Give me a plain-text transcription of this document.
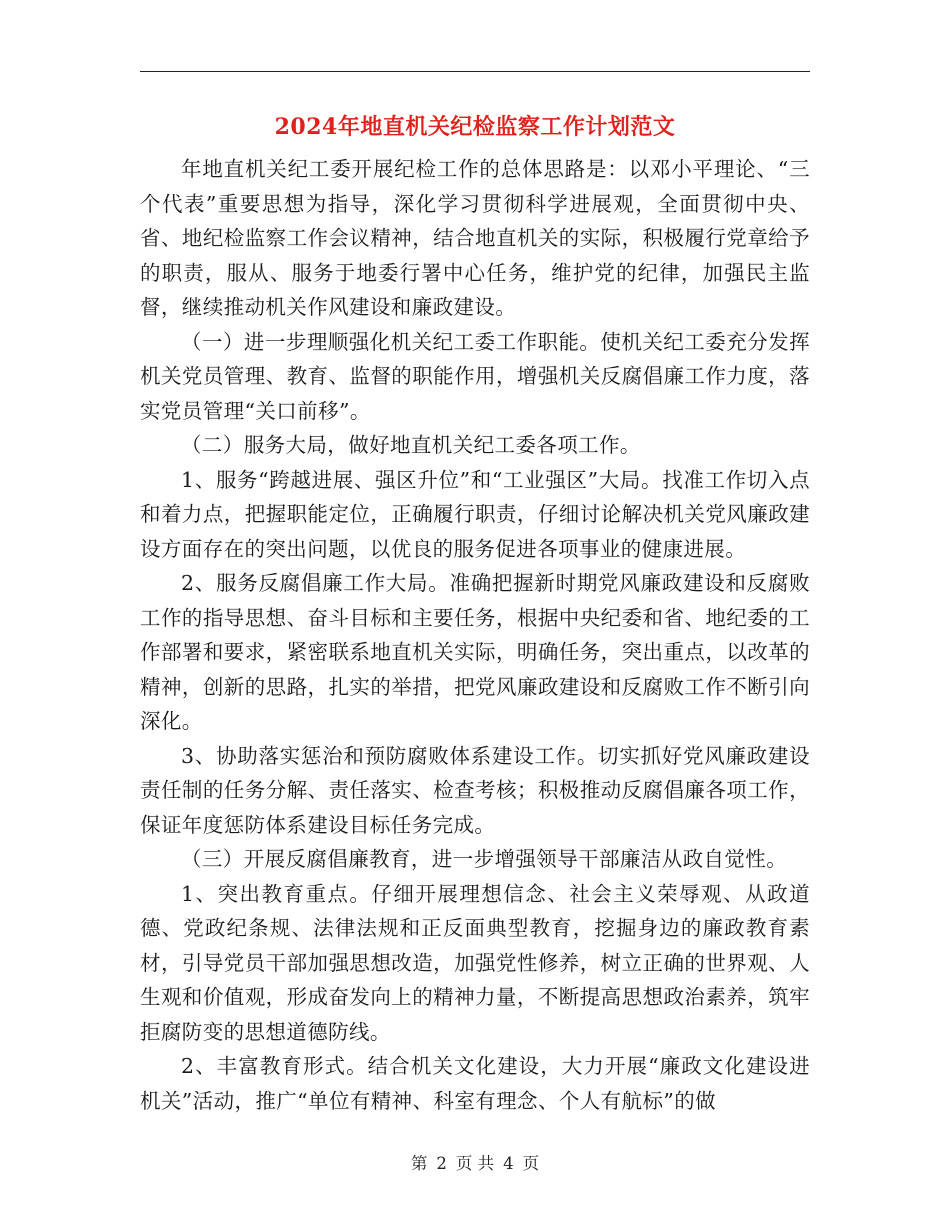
2024年地直机关纪检监察工作计划范文

年地直机关纪工委开展纪检工作的总体思路是：以邓小平理论、“三个代表”重要思想为指导，深化学习贯彻科学进展观，全面贯彻中央、省、地纪检监察工作会议精神，结合地直机关的实际，积极履行党章给予的职责，服从、服务于地委行署中心任务，维护党的纪律，加强民主监督，继续推动机关作风建设和廉政建设。

（一）进一步理顺强化机关纪工委工作职能。使机关纪工委充分发挥机关党员管理、教育、监督的职能作用，增强机关反腐倡廉工作力度，落实党员管理“关口前移”。

（二）服务大局，做好地直机关纪工委各项工作。

1、服务“跨越进展、强区升位”和“工业强区”大局。找准工作切入点和着力点，把握职能定位，正确履行职责，仔细讨论解决机关党风廉政建设方面存在的突出问题，以优良的服务促进各项事业的健康进展。

2、服务反腐倡廉工作大局。准确把握新时期党风廉政建设和反腐败工作的指导思想、奋斗目标和主要任务，根据中央纪委和省、地纪委的工作部署和要求，紧密联系地直机关实际，明确任务，突出重点，以改革的精神，创新的思路，扎实的举措，把党风廉政建设和反腐败工作不断引向深化。

3、协助落实惩治和预防腐败体系建设工作。切实抓好党风廉政建设责任制的任务分解、责任落实、检查考核；积极推动反腐倡廉各项工作，保证年度惩防体系建设目标任务完成。

（三）开展反腐倡廉教育，进一步增强领导干部廉洁从政自觉性。

1、突出教育重点。仔细开展理想信念、社会主义荣辱观、从政道德、党政纪条规、法律法规和正反面典型教育，挖掘身边的廉政教育素材，引导党员干部加强思想改造，加强党性修养，树立正确的世界观、人生观和价值观，形成奋发向上的精神力量，不断提高思想政治素养，筑牢拒腐防变的思想道德防线。

2、丰富教育形式。结合机关文化建设，大力开展“廉政文化建设进机关”活动，推广“单位有精神、科室有理念、个人有航标”的做

第 2 页 共 4 页
